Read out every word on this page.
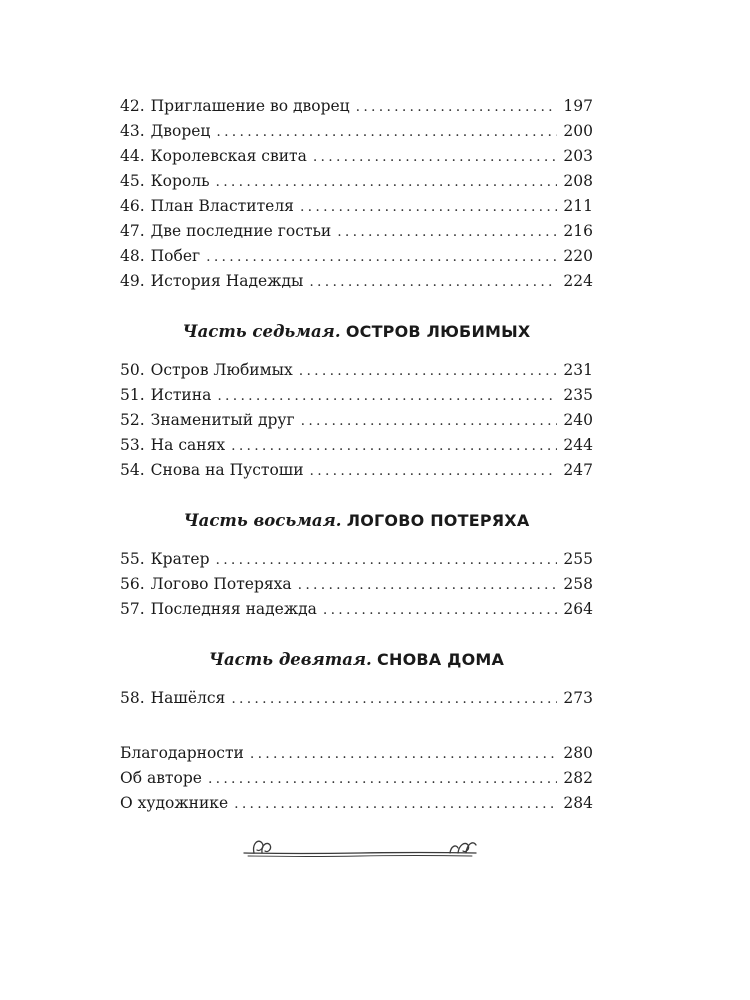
42. Приглашение во дворец . . .	197
43. Дворец . . .	200
44. Королевская свита . . .	203
45. Король . . .	208
46. План Властителя . . .	211
47. Две последние гостьи . . .	216
48. Побег . . .	220
49. История Надежды . . .	224
Часть седьмая. ОСТРОВ ЛЮБИМЫХ
50. Остров Любимых . . .	231
51. Истина . . .	235
52. Знаменитый друг . . .	240
53. На санях . . .	244
54. Снова на Пустоши . . .	247
Часть восьмая. ЛОГОВО ПОТЕРЯХА
55. Кратер . . .	255
56. Логово Потеряха . . .	258
57. Последняя надежда . . .	264
Часть девятая. СНОВА ДОМА
58. Нашёлся . . .	273
Благодарности . . .	280
Об авторе . . .	282
О художнике . . .	284
